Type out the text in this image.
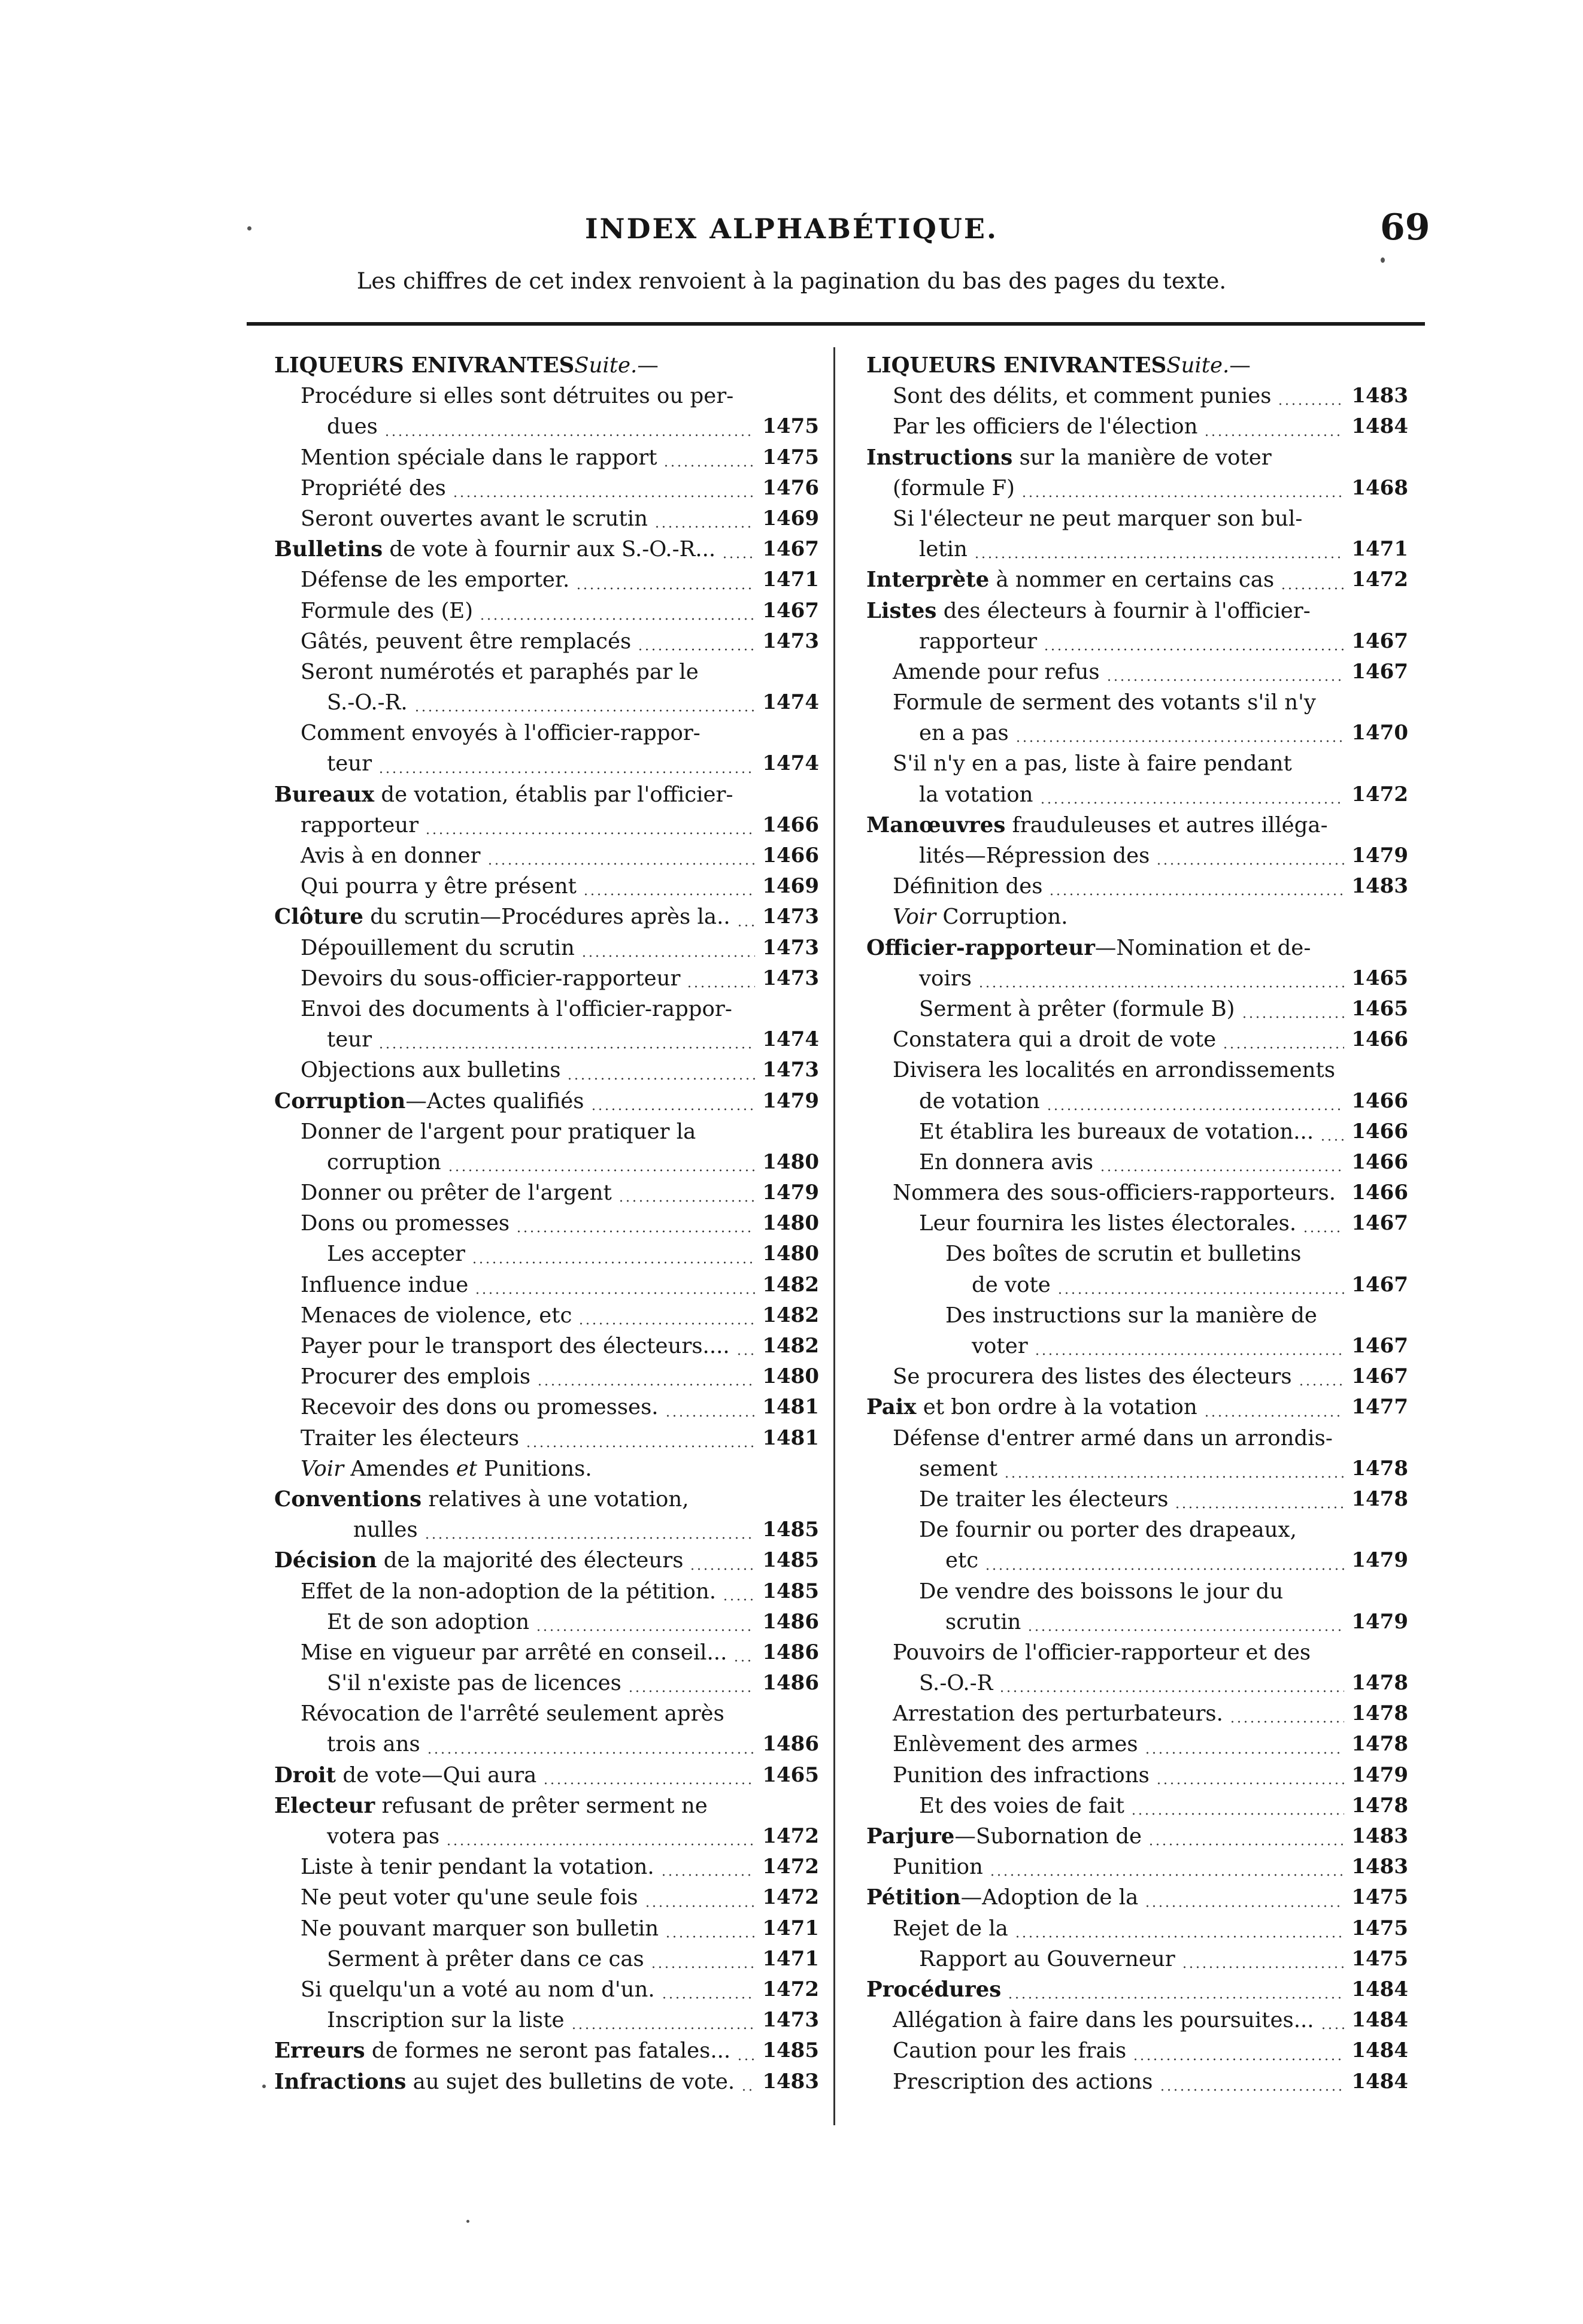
INDEX ALPHABÉTIQUE.	69
Les chiffres de cet index renvoient à la pagination du bas des pages du texte.
LIQUEURS ENIVRANTESSuite.—
Procédure si elles sont détruites ou per-
dues	1475
Mention spéciale dans le rapport	1475
Propriété des	1476
Seront ouvertes avant le scrutin	1469
Bulletins de vote à fournir aux S.-O.-R... 1467
Défense de les emporter.	1471
Formule des (E)	1467
Gâtés, peuvent être remplacés	1473
Seront numérotés et paraphés par le
S.-O.-R.	1474
Comment envoyés à l'officier-rappor-
teur	1474
Bureaux de votation, établis par l'officier-
rapporteur	1466
Avis à en donner	1466
Qui pourra y être présent	1469
Clôture du scrutin—Procédures après la.. 1473
Dépouillement du scrutin	1473
Devoirs du sous-officier-rapporteur	1473
Envoi des documents à l'officier-rappor-
teur	1474
Objections aux bulletins	1473
Corruption—Actes qualifiés	1479
Donner de l'argent pour pratiquer la
corruption	1480
Donner ou prêter de l'argent	1479
Dons ou promesses	1480
Les accepter	1480
Influence indue	1482
Menaces de violence, etc	1482
Payer pour le transport des électeurs.... 1482
Procurer des emplois	1480
Recevoir des dons ou promesses.	1481
Traiter les électeurs	1481
Voir Amendes et Punitions.
Conventions relatives à une votation,
nulles	1485
Décision de la majorité des électeurs	1485
Effet de la non-adoption de la pétition. 1485
Et de son adoption	1486
Mise en vigueur par arrêté en conseil... 1486
S'il n'existe pas de licences	1486
Révocation de l'arrêté seulement après
trois ans	1486
Droit de vote—Qui aura	1465
Electeur refusant de prêter serment ne
votera pas	1472
Liste à tenir pendant la votation.	1472
Ne peut voter qu'une seule fois	1472
Ne pouvant marquer son bulletin	1471
Serment à prêter dans ce cas	1471
Si quelqu'un a voté au nom d'un.	1472
Inscription sur la liste	1473
Erreurs de formes ne seront pas fatales... 1485
Infractions au sujet des bulletins de vote. 1483
LIQUEURS ENIVRANTESSuite.—
Sont des délits, et comment punies	1483
Par les officiers de l'élection	1484
Instructions sur la manière de voter
(formule F)	1468
Si l'électeur ne peut marquer son bul-
letin	1471
Interprète à nommer en certains cas	1472
Listes des électeurs à fournir à l'officier-
rapporteur	1467
Amende pour refus	1467
Formule de serment des votants s'il n'y
en a pas	1470
S'il n'y en a pas, liste à faire pendant
la votation	1472
Manœuvres frauduleuses et autres illéga-
lités—Répression des	1479
Définition des	1483
Voir Corruption.
Officier-rapporteur—Nomination et de-
voirs	1465
Serment à prêter (formule B)	1465
Constatera qui a droit de vote	1466
Divisera les localités en arrondissements
de votation	1466
Et établira les bureaux de votation... 1466
En donnera avis	1466
Nommera des sous-officiers-rapporteurs. 1466
Leur fournira les listes électorales.	1467
Des boîtes de scrutin et bulletins
de vote	1467
Des instructions sur la manière de
voter	1467
Se procurera des listes des électeurs	1467
Paix et bon ordre à la votation	1477
Défense d'entrer armé dans un arrondis-
sement	1478
De traiter les électeurs	1478
De fournir ou porter des drapeaux,
etc	1479
De vendre des boissons le jour du
scrutin	1479
Pouvoirs de l'officier-rapporteur et des
S.-O.-R	1478
Arrestation des perturbateurs.	1478
Enlèvement des armes	1478
Punition des infractions	1479
Et des voies de fait	1478
Parjure—Subornation de	1483
Punition	1483
Pétition—Adoption de la	1475
Rejet de la	1475
Rapport au Gouverneur	1475
Procédures	1484
Allégation à faire dans les poursuites... 1484
Caution pour les frais	1484
Prescription des actions	1484
